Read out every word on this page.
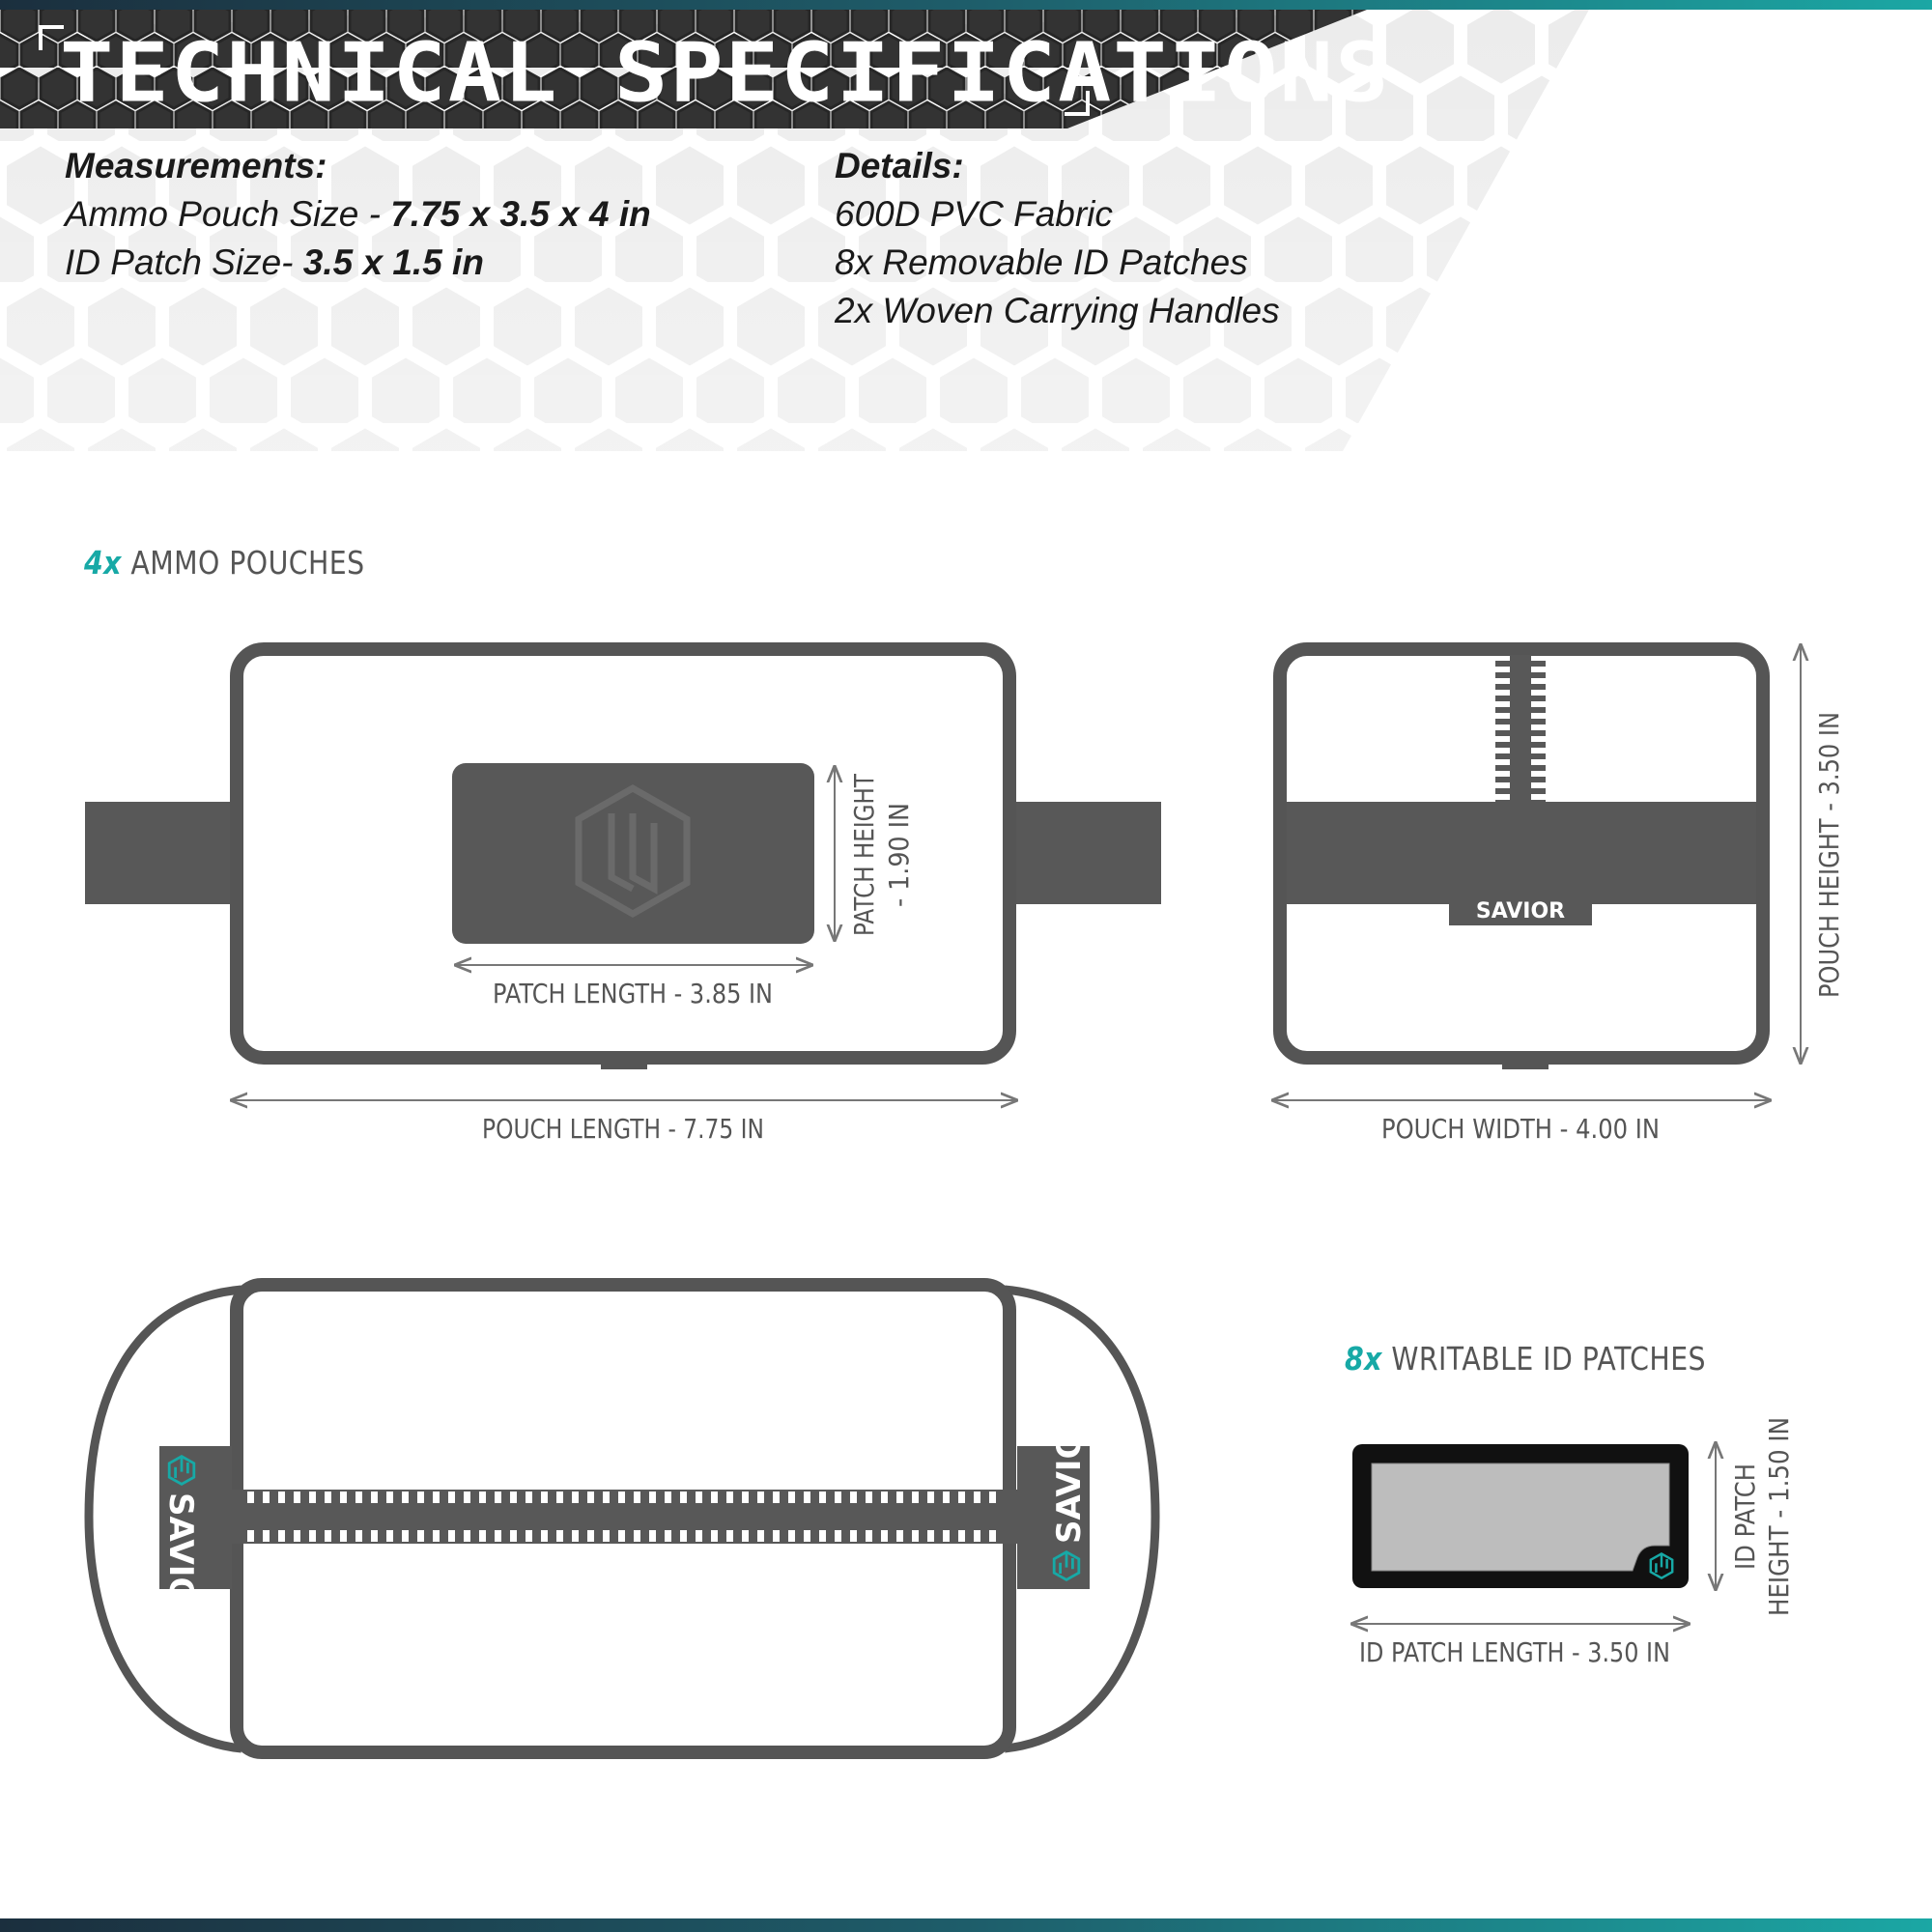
TECHNICAL SPECIFICATIONS
Measurements:
Ammo Pouch Size - 7.75 x 3.5 x 4 in
ID Patch Size- 3.5 x 1.5 in
Details:
600D PVC Fabric
8x Removable ID Patches
2x Woven Carrying Handles
4x AMMO POUCHES
8x WRITABLE ID PATCHES
SAVIOR
SAVIOR
PATCH LENGTH - 3.85 IN
PATCH HEIGHT - 1.90 IN
POUCH LENGTH - 7.75 IN	POUCH WIDTH - 4.00 IN
POUCH HEIGHT - 3.50 IN
ID PATCH LENGTH - 3.50 IN
ID PATCH HEIGHT - 1.50 IN
SAVIOR
